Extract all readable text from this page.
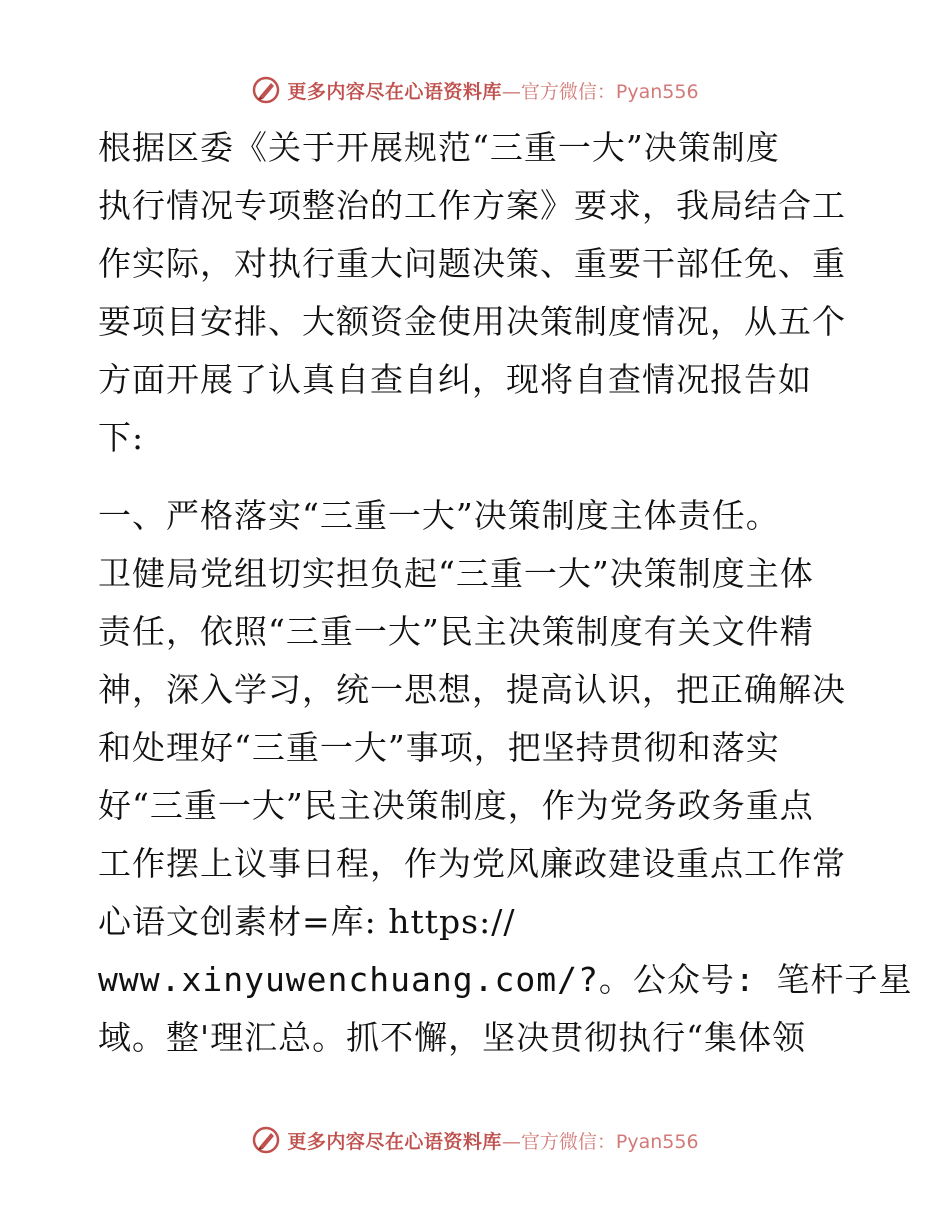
更多内容尽在心语资料库 —官方微信：Pyan556
根据区委《关于开展规范“三重一大”决策制度
执行情况专项整治的工作方案》要求，我局结合工
作实际，对执行重大问题决策、重要干部任免、重
要项目安排、大额资金使用决策制度情况，从五个
方面开展了认真自查自纠，现将自查情况报告如
下:
一、严格落实“三重一大”决策制度主体责任。
卫健局党组切实担负起“三重一大”决策制度主体
责任，依照“三重一大”民主决策制度有关文件精
神，深入学习，统一思想，提高认识，把正确解决
和处理好“三重一大”事项，把坚持贯彻和落实
好“三重一大”民主决策制度，作为党务政务重点
工作摆上议事日程，作为党风廉政建设重点工作常
心语文创素材=库: https://
www.xinyuwenchuang.com/?。公众号: 笔杆子星
域。整'理汇总。抓不懈，坚决贯彻执行“集体领
更多内容尽在心语资料库 —官方微信：Pyan556
